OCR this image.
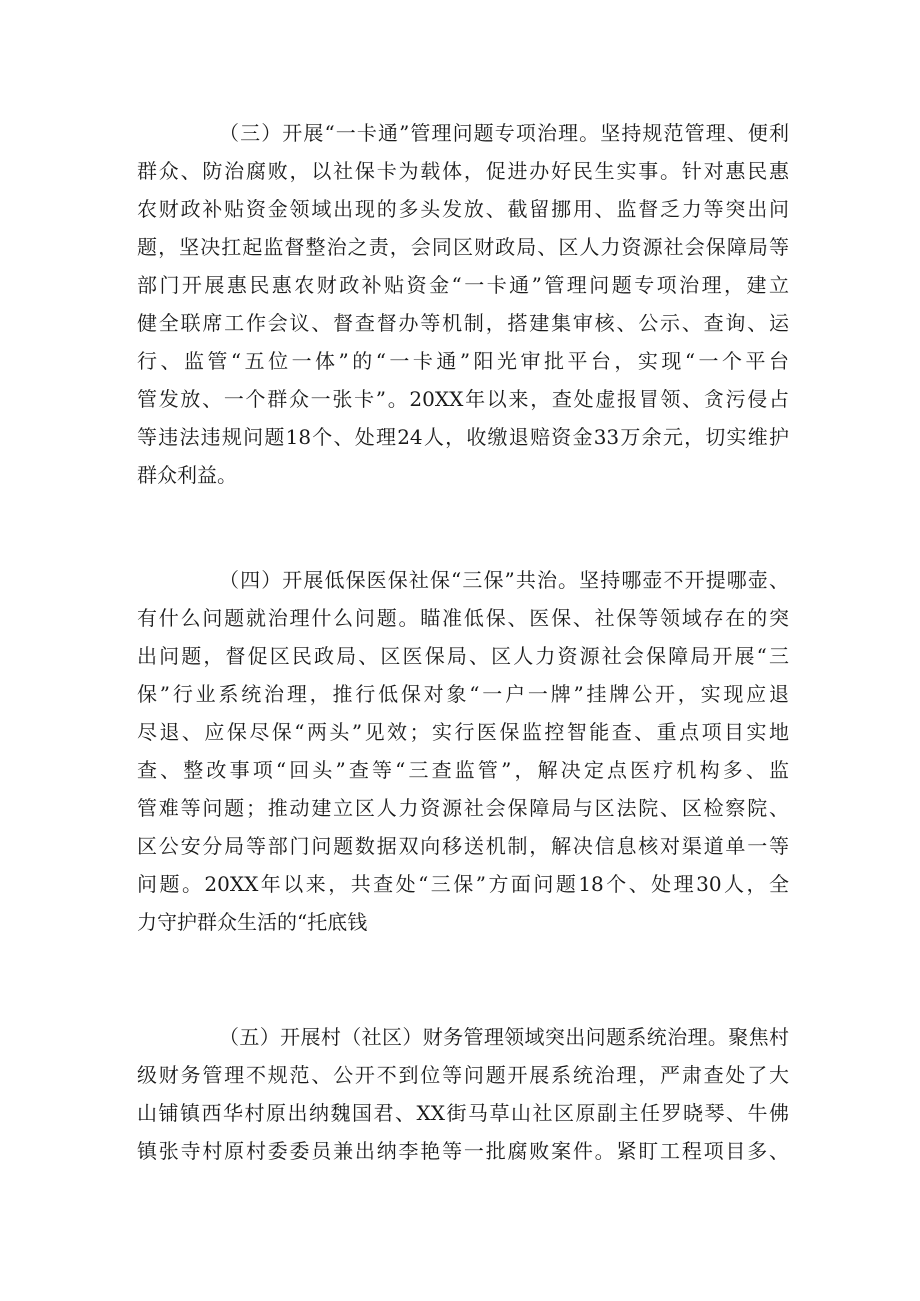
（三）开展“一卡通”管理问题专项治理。坚持规范管理、便利
群众、防治腐败，以社保卡为载体，促进办好民生实事。针对惠民惠
农财政补贴资金领域出现的多头发放、截留挪用、监督乏力等突出问
题，坚决扛起监督整治之责，会同区财政局、区人力资源社会保障局等
部门开展惠民惠农财政补贴资金“一卡通”管理问题专项治理，建立
健全联席工作会议、督查督办等机制，搭建集审核、公示、查询、运
行、监管“五位一体”的“一卡通”阳光审批平台，实现“一个平台
管发放、一个群众一张卡”。20XX年以来，查处虚报冒领、贪污侵占
等违法违规问题18个、处理24人，收缴退赔资金33万余元，切实维护
群众利益。
（四）开展低保医保社保“三保”共治。坚持哪壶不开提哪壶、
有什么问题就治理什么问题。瞄准低保、医保、社保等领域存在的突
出问题，督促区民政局、区医保局、区人力资源社会保障局开展“三
保”行业系统治理，推行低保对象“一户一牌”挂牌公开，实现应退
尽退、应保尽保“两头”见效；实行医保监控智能查、重点项目实地
查、整改事项“回头”查等“三查监管”，解决定点医疗机构多、监
管难等问题；推动建立区人力资源社会保障局与区法院、区检察院、
区公安分局等部门问题数据双向移送机制，解决信息核对渠道单一等
问题。20XX年以来，共查处“三保”方面问题18个、处理30人，全
力守护群众生活的“托底钱
（五）开展村（社区）财务管理领域突出问题系统治理。聚焦村
级财务管理不规范、公开不到位等问题开展系统治理，严肃查处了大
山铺镇西华村原出纳魏国君、XX街马草山社区原副主任罗晓琴、牛佛
镇张寺村原村委委员兼出纳李艳等一批腐败案件。紧盯工程项目多、
